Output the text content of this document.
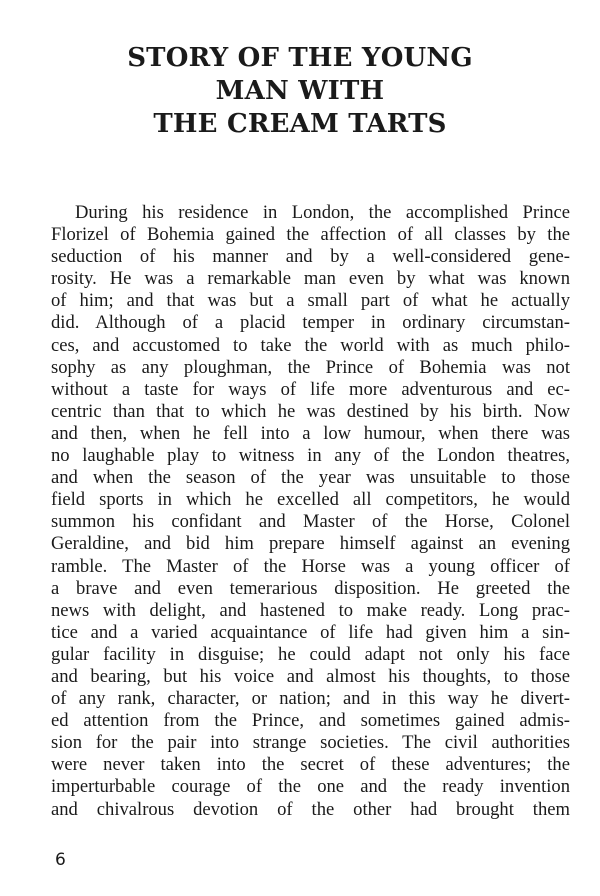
STORY OF THE YOUNG
MAN WITH
THE CREAM TARTS
During his residence in London, the accomplished Prince
Florizel of Bohemia gained the affection of all classes by the
seduction of his manner and by a well-considered gene-
rosity. He was a remarkable man even by what was known
of him; and that was but a small part of what he actually
did. Although of a placid temper in ordinary circumstan-
ces, and accustomed to take the world with as much philo-
sophy as any ploughman, the Prince of Bohemia was not
without a taste for ways of life more adventurous and ec-
centric than that to which he was destined by his birth. Now
and then, when he fell into a low humour, when there was
no laughable play to witness in any of the London theatres,
and when the season of the year was unsuitable to those
field sports in which he excelled all competitors, he would
summon his confidant and Master of the Horse, Colonel
Geraldine, and bid him prepare himself against an evening
ramble. The Master of the Horse was a young officer of
a brave and even temerarious disposition. He greeted the
news with delight, and hastened to make ready. Long prac-
tice and a varied acquaintance of life had given him a sin-
gular facility in disguise; he could adapt not only his face
and bearing, but his voice and almost his thoughts, to those
of any rank, character, or nation; and in this way he divert-
ed attention from the Prince, and sometimes gained admis-
sion for the pair into strange societies. The civil authorities
were never taken into the secret of these adventures; the
imperturbable courage of the one and the ready invention
and chivalrous devotion of the other had brought them

6
